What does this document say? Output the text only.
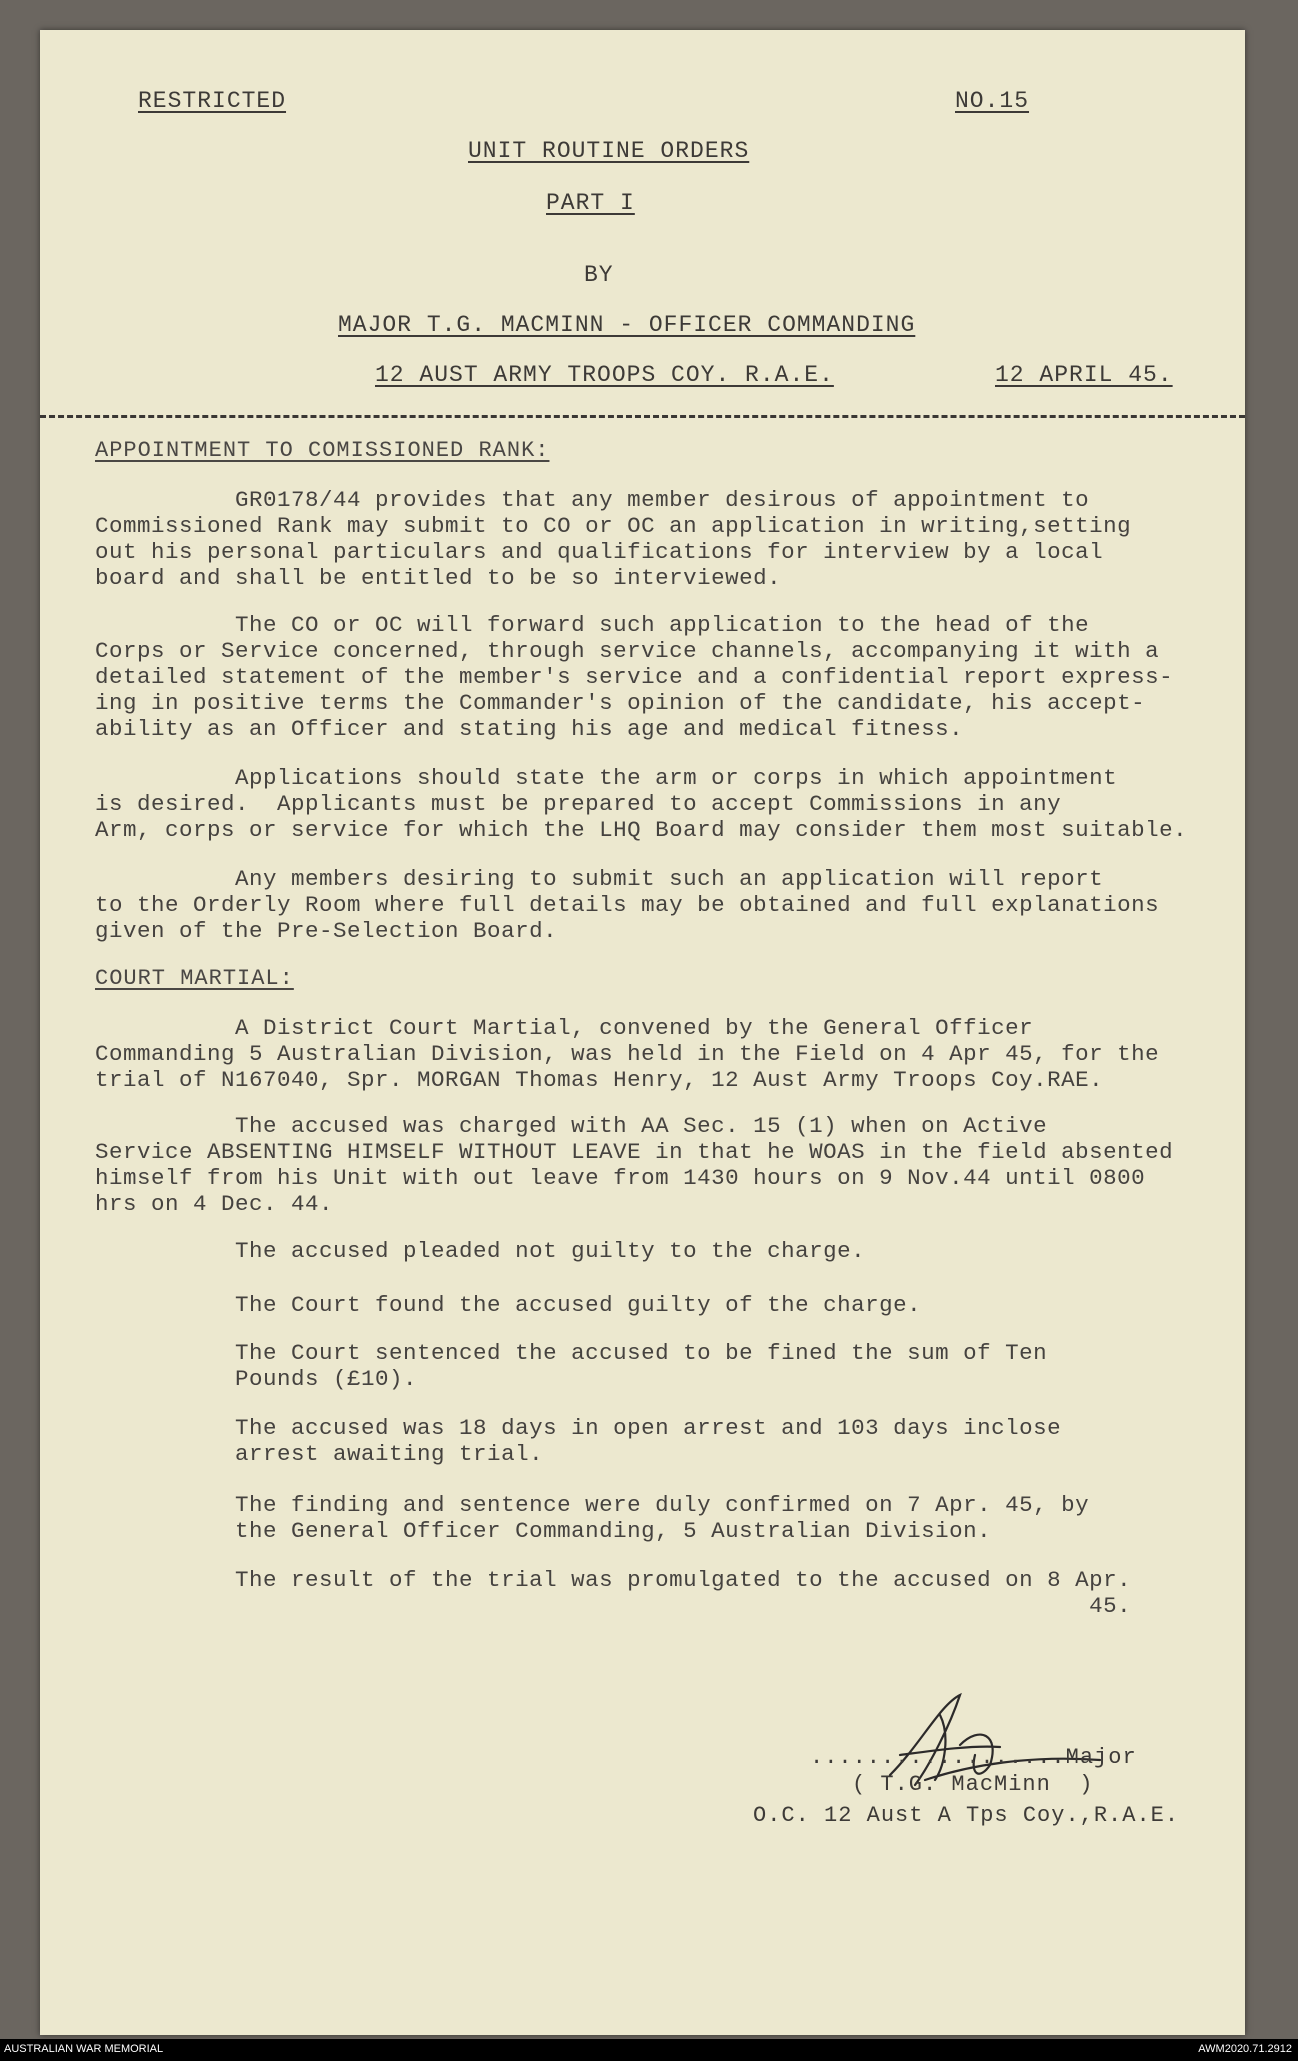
RESTRICTED	NO.15
UNIT ROUTINE ORDERS
PART I
BY
MAJOR T.G. MACMINN - OFFICER COMMANDING
12 AUST ARMY TROOPS COY. R.A.E.	12 APRIL 45.
APPOINTMENT TO COMISSIONED RANK:
GR0178/44 provides that any member desirous of appointment to
Commissioned Rank may submit to CO or OC an application in writing,setting
out his personal particulars and qualifications for interview by a local
board and shall be entitled to be so interviewed.
The CO or OC will forward such application to the head of the
Corps or Service concerned, through service channels, accompanying it with a
detailed statement of the member's service and a confidential report express-
ing in positive terms the Commander's opinion of the candidate, his accept-
ability as an Officer and stating his age and medical fitness.
Applications should state the arm or corps in which appointment
is desired.  Applicants must be prepared to accept Commissions in any
Arm, corps or service for which the LHQ Board may consider them most suitable.
Any members desiring to submit such an application will report
to the Orderly Room where full details may be obtained and full explanations
given of the Pre-Selection Board.
COURT MARTIAL:
A District Court Martial, convened by the General Officer
Commanding 5 Australian Division, was held in the Field on 4 Apr 45, for the
trial of N167040, Spr. MORGAN Thomas Henry, 12 Aust Army Troops Coy.RAE.
The accused was charged with AA Sec. 15 (1) when on Active
Service ABSENTING HIMSELF WITHOUT LEAVE in that he WOAS in the field absented
himself from his Unit with out leave from 1430 hours on 9 Nov.44 until 0800
hrs on 4 Dec. 44.
The accused pleaded not guilty to the charge.
The Court found the accused guilty of the charge.
The Court sentenced the accused to be fined the sum of Ten
Pounds (£10).
The accused was 18 days in open arrest and 103 days inclose
arrest awaiting trial.
The finding and sentence were duly confirmed on 7 Apr. 45, by
the General Officer Commanding, 5 Australian Division.
The result of the trial was promulgated to the accused on 8 Apr.
45.
..................Major
( T.G. MacMinn  )
O.C. 12 Aust A Tps Coy.,R.A.E.
AUSTRALIAN WAR MEMORIAL	AWM2020.71.2912
